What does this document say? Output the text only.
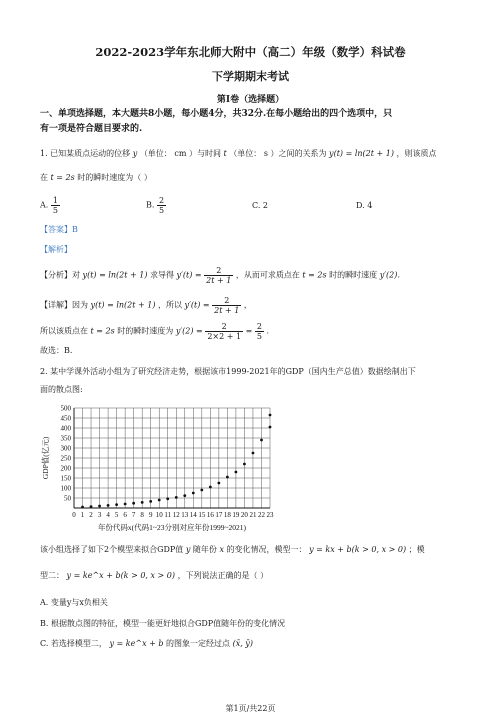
2022-2023学年东北师大附中（高二）年级（数学）科试卷
下学期期末考试
第I卷（选择题）
一、单项选择题，本大题共8小题，每小题4分，共32分.在每小题给出的四个选项中，只
有一项是符合题目要求的.
1. 已知某质点运动的位移 y （单位： cm ）与时间 t （单位： s ）之间的关系为 y(t) = ln(2t + 1) ，则该质点
在 t = 2s 时的瞬时速度为（ ）
A. $\frac{1}{5}$	B. $\frac{2}{5}$	C. 2	D. 4
【答案】B
【解析】
【分析】对 y(t) = ln(2t + 1) 求导得 $y'(t) = \frac{2}{2t + 1}$ ，从而可求质点在 t = 2s 时的瞬时速度 y′(2).
【详解】因为 y(t) = ln(2t + 1) ，所以 $y'(t) = \frac{2}{2t + 1}$ ，
所以该质点在 t = 2s 时的瞬时速度为 $y'(2) = \frac{2}{2\times 2 + 1} = \frac{2}{5}$ .
故选：B.
2. 某中学课外活动小组为了研究经济走势，根据该市1999-2021年的GDP（国内生产总值）数据绘制出下
面的散点图:
0 1 2 3 4 5 6 7 8 9 10 11 12 13 14 15 16 17 18 19 20 21 22 23
50
100
150
200
250
300
350
400
450
500
年份代码x(代码1~23分别对应年份1999~2021)
GDP值(亿元)
该小组选择了如下2个模型来拟合GDP值 y 随年份 x 的变化情况，模型一： y = kx + b(k > 0, x > 0) ；模
型二： y = ke^x + b(k > 0, x > 0) ，下列说法正确的是（ ）
A. 变量y与x负相关
B. 根据散点图的特征，模型一能更好地拟合GDP值随年份的变化情况
C. 若选择模型二， y = ke^x + b 的图象一定经过点 (x̄, ȳ)
第1页/共22页
